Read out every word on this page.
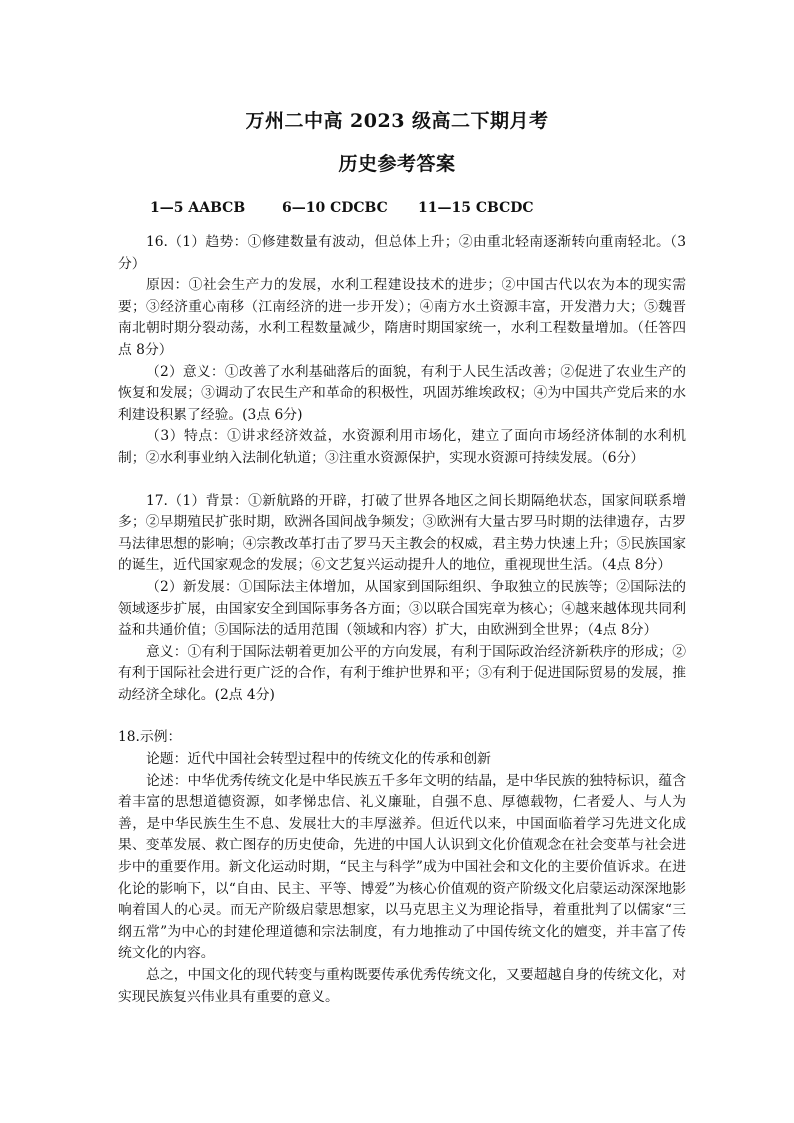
万州二中高 2023 级高二下期月考
历史参考答案
1—5 AABCB	6—10 CDCBC 11—15 CBCDC

16.（1）趋势：①修建数量有波动，但总体上升；②由重北轻南逐渐转向重南轻北。（3分）

原因：①社会生产力的发展，水利工程建设技术的进步；②中国古代以农为本的现实需要；③经济重心南移（江南经济的进一步开发）；④南方水土资源丰富，开发潜力大；⑤魏晋南北朝时期分裂动荡，水利工程数量减少，隋唐时期国家统一，水利工程数量增加。（任答四点 8分）

（2）意义：①改善了水利基础落后的面貌，有利于人民生活改善；②促进了农业生产的恢复和发展；③调动了农民生产和革命的积极性，巩固苏维埃政权；④为中国共产党后来的水利建设积累了经验。(3点 6分)

（3）特点：①讲求经济效益，水资源利用市场化，建立了面向市场经济体制的水利机制；②水利事业纳入法制化轨道；③注重水资源保护，实现水资源可持续发展。（6分）

17.（1）背景：①新航路的开辟，打破了世界各地区之间长期隔绝状态，国家间联系增多；②早期殖民扩张时期，欧洲各国间战争频发；③欧洲有大量古罗马时期的法律遗存，古罗马法律思想的影响；④宗教改革打击了罗马天主教会的权威，君主势力快速上升；⑤民族国家的诞生，近代国家观念的发展；⑥文艺复兴运动提升人的地位，重视现世生活。（4点 8分）

（2）新发展：①国际法主体增加，从国家到国际组织、争取独立的民族等；②国际法的领域逐步扩展，由国家安全到国际事务各方面；③以联合国宪章为核心；④越来越体现共同利益和共通价值；⑤国际法的适用范围（领域和内容）扩大，由欧洲到全世界；（4点 8分）

意义：①有利于国际法朝着更加公平的方向发展，有利于国际政治经济新秩序的形成；②有利于国际社会进行更广泛的合作，有利于维护世界和平；③有利于促进国际贸易的发展，推动经济全球化。(2点 4分)

18.示例：

论题：近代中国社会转型过程中的传统文化的传承和创新

论述：中华优秀传统文化是中华民族五千多年文明的结晶，是中华民族的独特标识，蕴含着丰富的思想道德资源，如孝悌忠信、礼义廉耻，自强不息、厚德载物，仁者爱人、与人为善，是中华民族生生不息、发展壮大的丰厚滋养。但近代以来，中国面临着学习先进文化成果、变革发展、救亡图存的历史使命，先进的中国人认识到文化价值观念在社会变革与社会进步中的重要作用。新文化运动时期，“民主与科学”成为中国社会和文化的主要价值诉求。在进化论的影响下，以“自由、民主、平等、博爱”为核心价值观的资产阶级文化启蒙运动深深地影响着国人的心灵。而无产阶级启蒙思想家，以马克思主义为理论指导，着重批判了以儒家“三纲五常”为中心的封建伦理道德和宗法制度，有力地推动了中国传统文化的嬗变，并丰富了传统文化的内容。

总之，中国文化的现代转变与重构既要传承优秀传统文化，又要超越自身的传统文化，对实现民族复兴伟业具有重要的意义。
